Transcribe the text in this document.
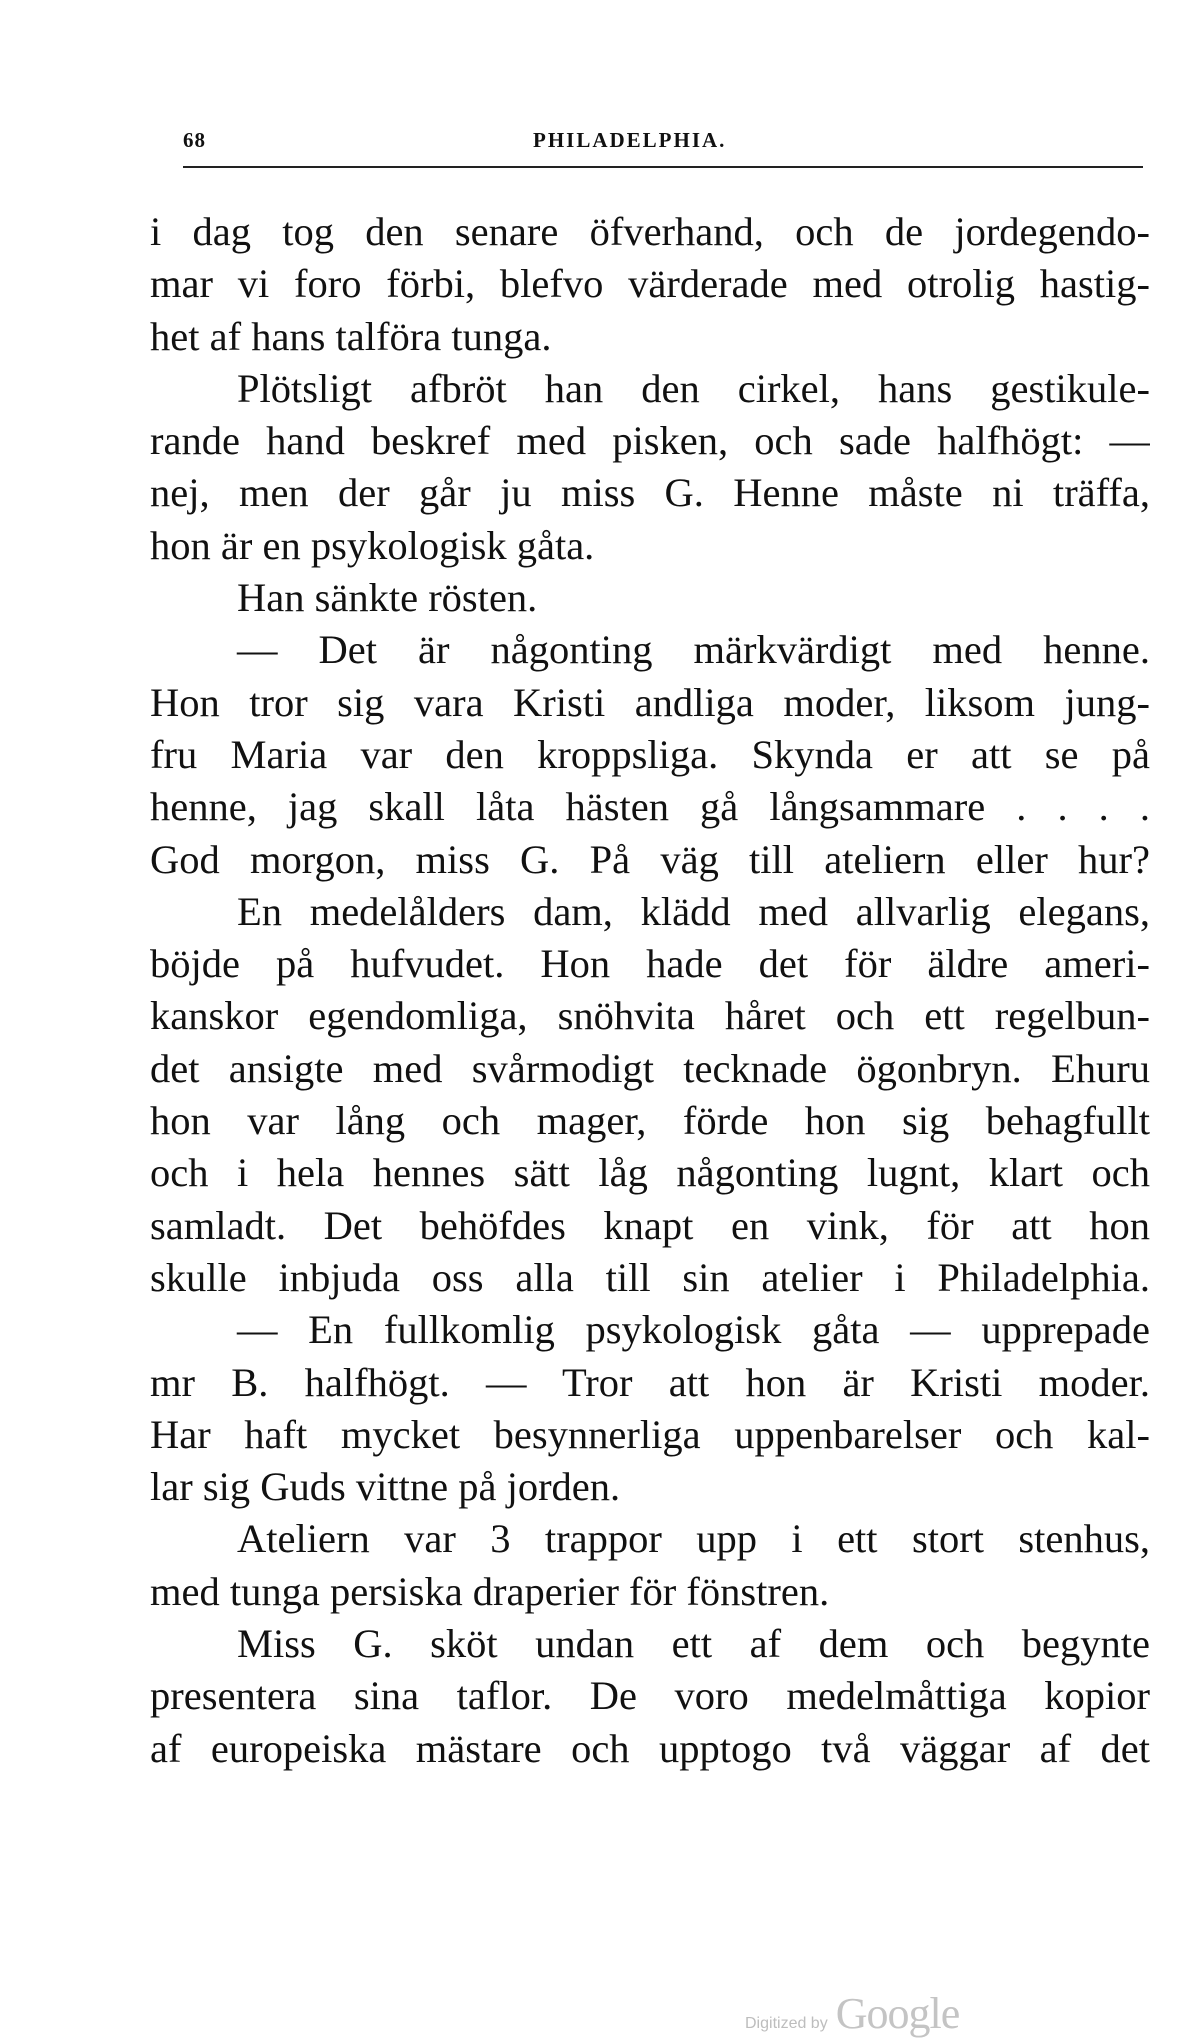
68	PHILADELPHIA.
i dag tog den senare öfverhand, och de jordegendo-
mar vi foro förbi, blefvo värderade med otrolig hastig-
het af hans talföra tunga.
Plötsligt afbröt han den cirkel, hans gestikule-
rande hand beskref med pisken, och sade halfhögt: —
nej, men der går ju miss G. Henne måste ni träffa,
hon är en psykologisk gåta.
Han sänkte rösten.
— Det är någonting märkvärdigt med henne.
Hon tror sig vara Kristi andliga moder, liksom jung-
fru Maria var den kroppsliga. Skynda er att se på
henne, jag skall låta hästen gå långsammare . . . .
God morgon, miss G. På väg till ateliern eller hur?
En medelålders dam, klädd med allvarlig elegans,
böjde på hufvudet. Hon hade det för äldre ameri-
kanskor egendomliga, snöhvita håret och ett regelbun-
det ansigte med svårmodigt tecknade ögonbryn. Ehuru
hon var lång och mager, förde hon sig behagfullt
och i hela hennes sätt låg någonting lugnt, klart och
samladt. Det behöfdes knapt en vink, för att hon
skulle inbjuda oss alla till sin atelier i Philadelphia.
— En fullkomlig psykologisk gåta — upprepade
mr B. halfhögt. — Tror att hon är Kristi moder.
Har haft mycket besynnerliga uppenbarelser och kal-
lar sig Guds vittne på jorden.
Ateliern var 3 trappor upp i ett stort stenhus,
med tunga persiska draperier för fönstren.
Miss G. sköt undan ett af dem och begynte
presentera sina taflor. De voro medelmåttiga kopior
af europeiska mästare och upptogo två väggar af det
Digitized by Google
